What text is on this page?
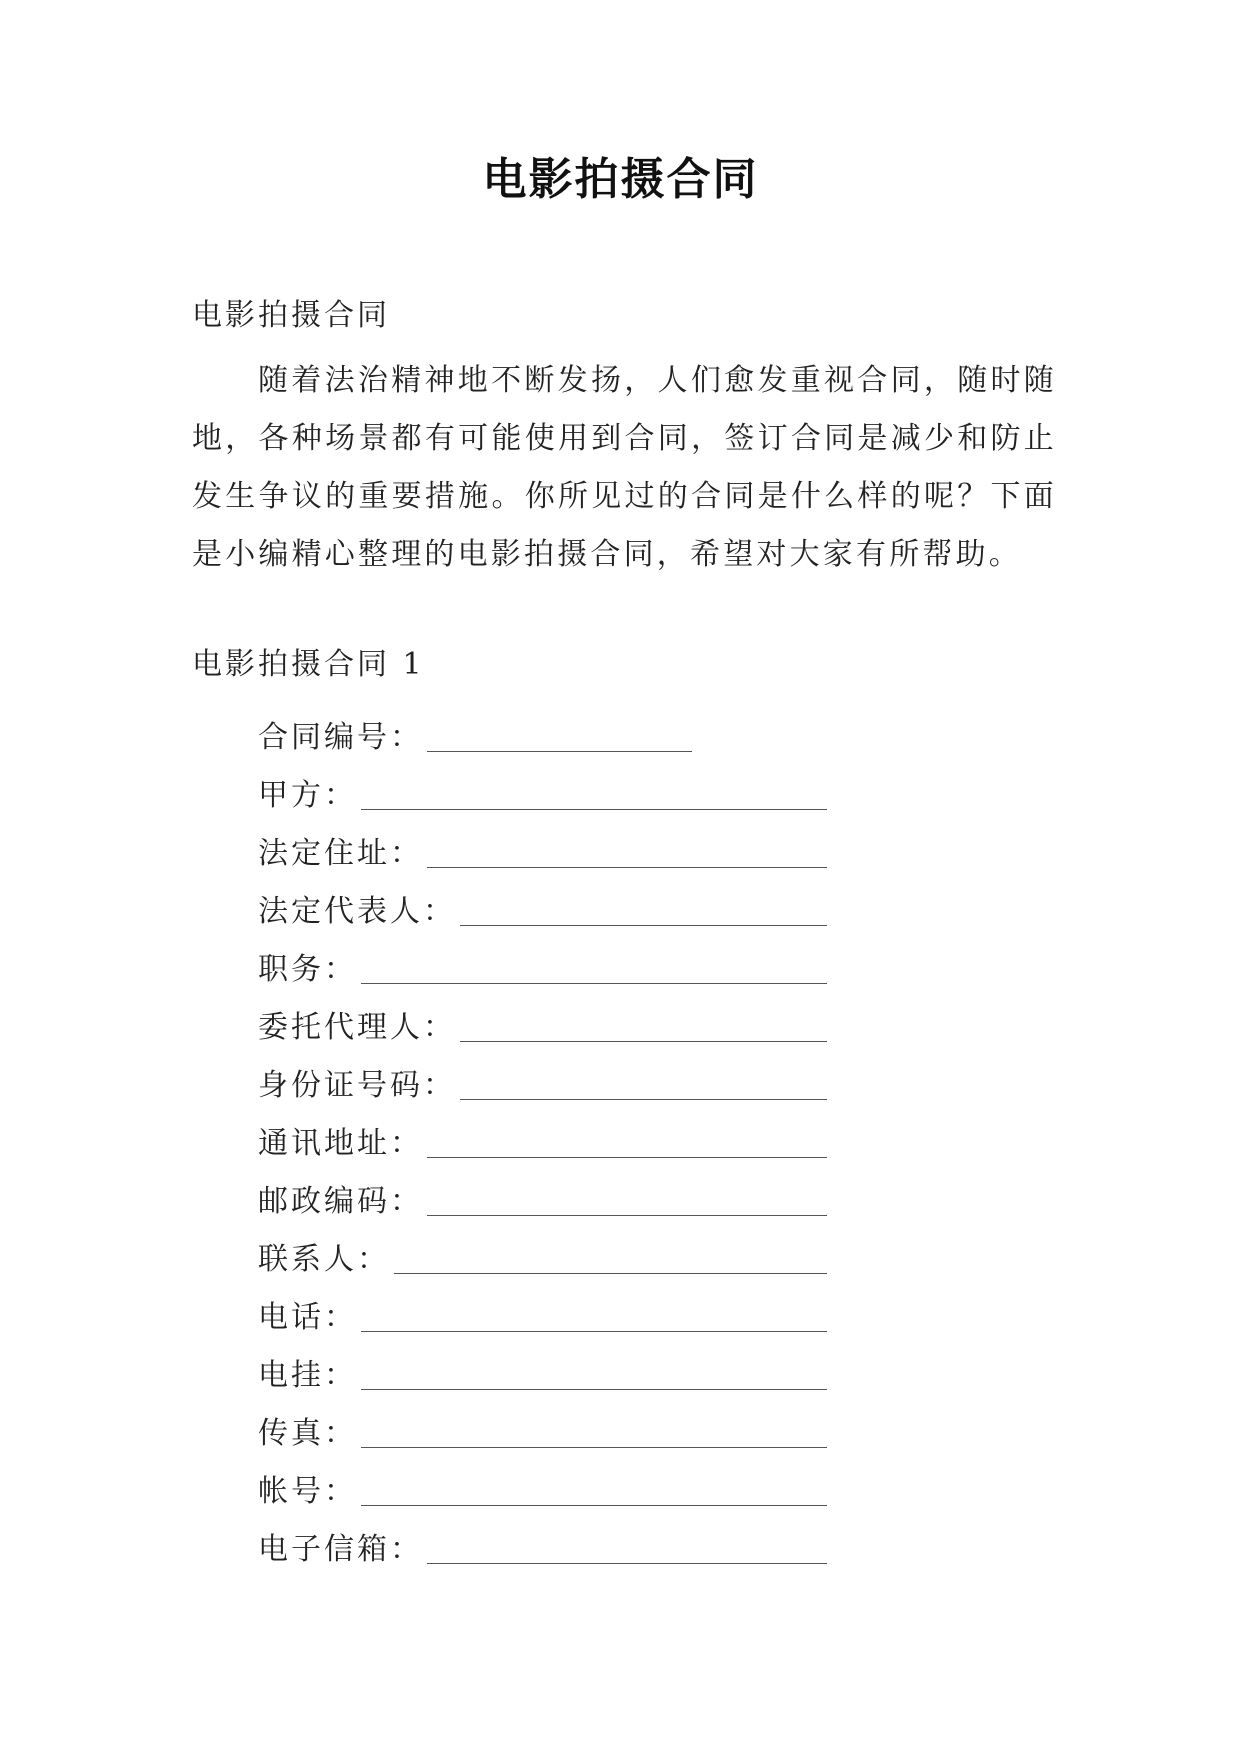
电影拍摄合同
电影拍摄合同

随着法治精神地不断发扬，人们愈发重视合同，随时随地，各种场景都有可能使用到合同，签订合同是减少和防止发生争议的重要措施。你所见过的合同是什么样的呢？下面是小编精心整理的电影拍摄合同，希望对大家有所帮助。

电影拍摄合同 1
合同编号：
甲方：
法定住址：
法定代表人：
职务：
委托代理人：
身份证号码：
通讯地址：
邮政编码：
联系人：
电话：
电挂：
传真：
帐号：
电子信箱：
